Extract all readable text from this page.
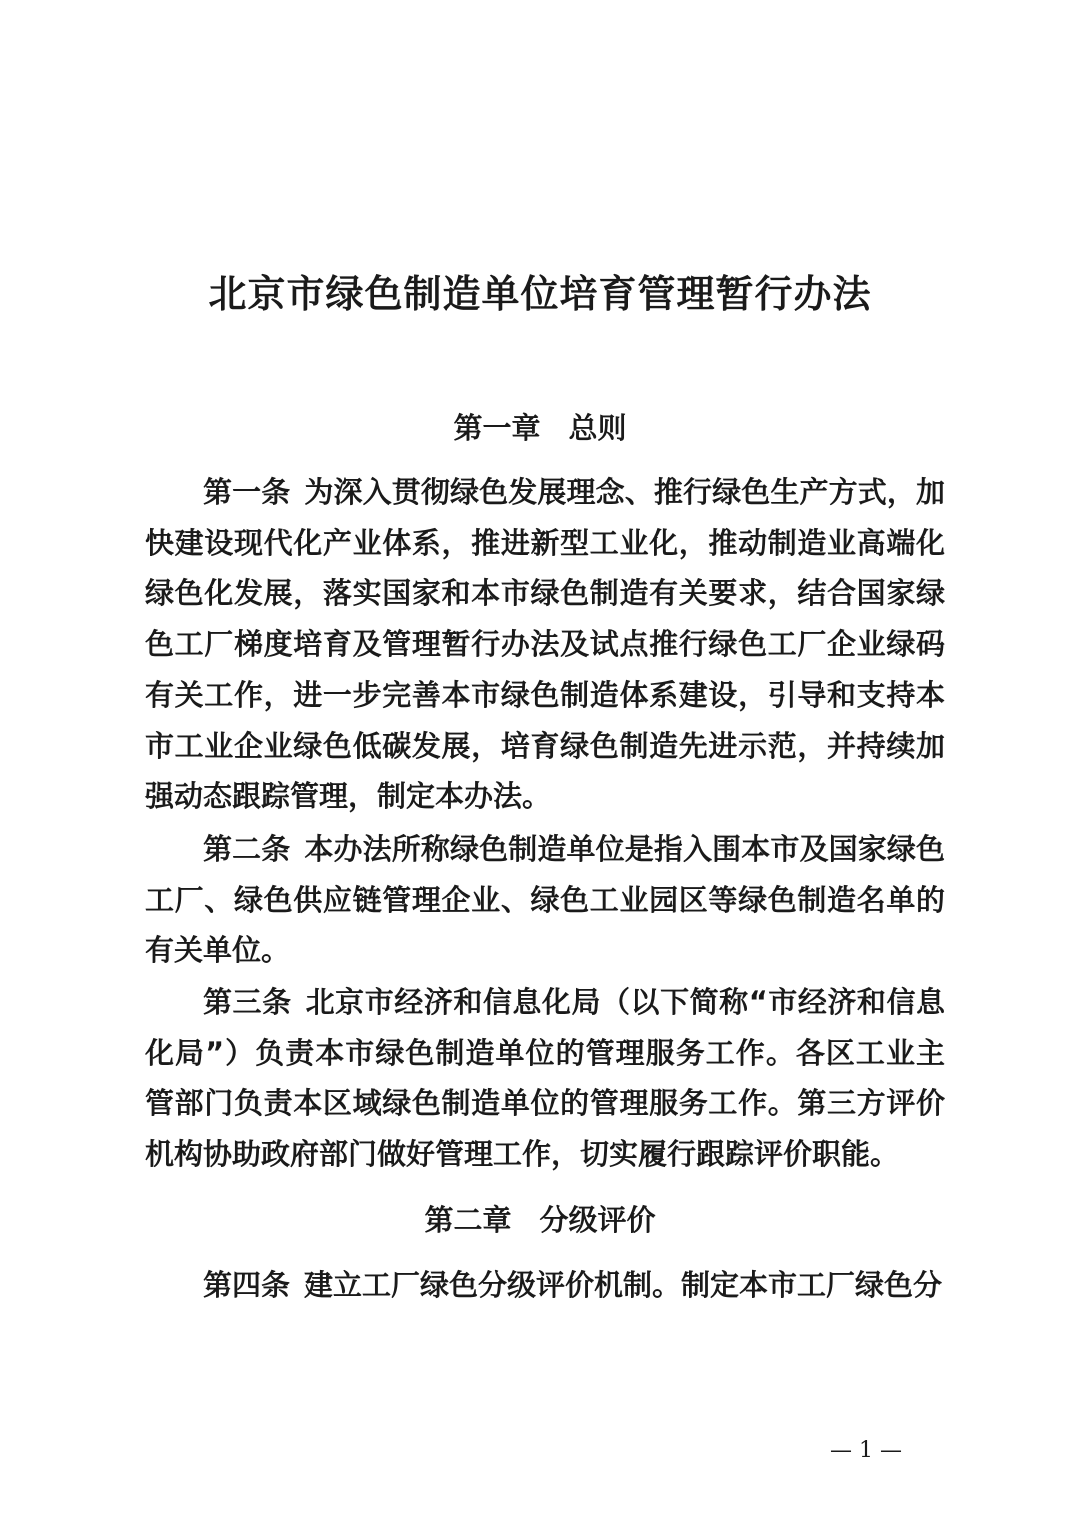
北京市绿色制造单位培育管理暂行办法
第一章 总则

第一条 为深入贯彻绿色发展理念、推行绿色生产方式，加快建设现代化产业体系，推进新型工业化，推动制造业高端化绿色化发展，落实国家和本市绿色制造有关要求，结合国家绿色工厂梯度培育及管理暂行办法及试点推行绿色工厂企业绿码有关工作，进一步完善本市绿色制造体系建设，引导和支持本市工业企业绿色低碳发展，培育绿色制造先进示范，并持续加强动态跟踪管理，制定本办法。

第二条 本办法所称绿色制造单位是指入围本市及国家绿色工厂、绿色供应链管理企业、绿色工业园区等绿色制造名单的有关单位。

第三条 北京市经济和信息化局（以下简称“市经济和信息化局”）负责本市绿色制造单位的管理服务工作。各区工业主管部门负责本区域绿色制造单位的管理服务工作。第三方评价机构协助政府部门做好管理工作，切实履行跟踪评价职能。

第二章 分级评价

第四条 建立工厂绿色分级评价机制。制定本市工厂绿色分

— 1 —
